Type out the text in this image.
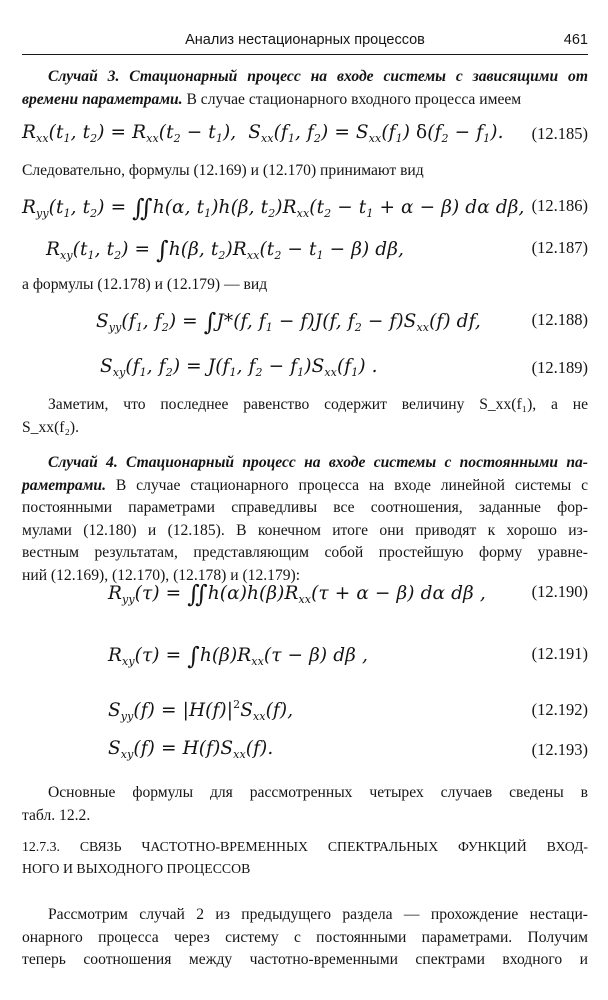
Анализ нестационарных процессов	461

Случай 3. Стационарный процесс на входе системы с зависящими от
времени параметрами. В случае стационарного входного процесса имеем

$R_{xx}(t_1$, $t_2) = R_{xx}(t_2 - t_1)$,  $S_{xx}(f_1$, $f_2) = S_{xx}(f_1)$ $\delta(f_2 - f_1)$. (12.185)

Следовательно, формулы (12.169) и (12.170) принимают вид

$R_{yy}(t_1$, $t_2$) = ∬h(α, $t_1)h(\beta$, $t_2)R_{xx}(t_2 - t_1 + \alpha - \beta)$ dα dβ, (12.186)
$R_{xy}(t_1$, $t_2) = \int h(\beta$, $t_2)R_{xx}(t_2 - t_1 - \beta)$ dβ,	(12.187)

а формулы (12.178) и (12.179) — вид

$S_{yy}(f_1$, $f_2) = \int J*(f$, $f_1 - f)J(f$, $f_2 - f)S_{xx}(f)$ df,	(12.188)
$S_{xy}(f_1$, $f_2) = J(f_1$, $f_2 - f_1)S_{xx}(f_1)$ .	(12.189)

Заметим, что последнее равенство содержит величину S_xx(f₁), а не
S_xx(f₂).

Случай 4. Стационарный процесс на входе системы с постоянными па-
раметрами. В случае стационарного процесса на входе линейной системы с
постоянными параметрами справедливы все соотношения, заданные фор-
мулами (12.180) и (12.185). В конечном итоге они приводят к хорошо из-
вестным результатам, представляющим собой простейшую форму уравне-
ний (12.169), (12.170), (12.178) и (12.179):

$R_{yy}(\tau)$ = $∬h(\alpha)h(\beta)R_{xx}(\tau + \alpha - \beta)$ dα dβ ,	(12.190)
$R_{xy}(\tau) = \int h(\beta)R_{xx}(\tau - \beta)$ dβ ,	(12.191)
$S_{yy}(f) = |H(f)|^2S_{xx}(f)$,	(12.192)
$S_{xy}(f) = H(f)S_{xx}(f)$.	(12.193)

Основные формулы для рассмотренных четырех случаев сведены в
табл. 12.2.

12.7.3. СВЯЗЬ ЧАСТОТНО-ВРЕМЕННЫХ СПЕКТРАЛЬНЫХ ФУНКЦИЙ ВХОД-
НОГО И ВЫХОДНОГО ПРОЦЕССОВ

Рассмотрим случай 2 из предыдущего раздела — прохождение нестаци-
онарного процесса через систему с постоянными параметрами. Получим
теперь соотношения между частотно-временными спектрами входного и
